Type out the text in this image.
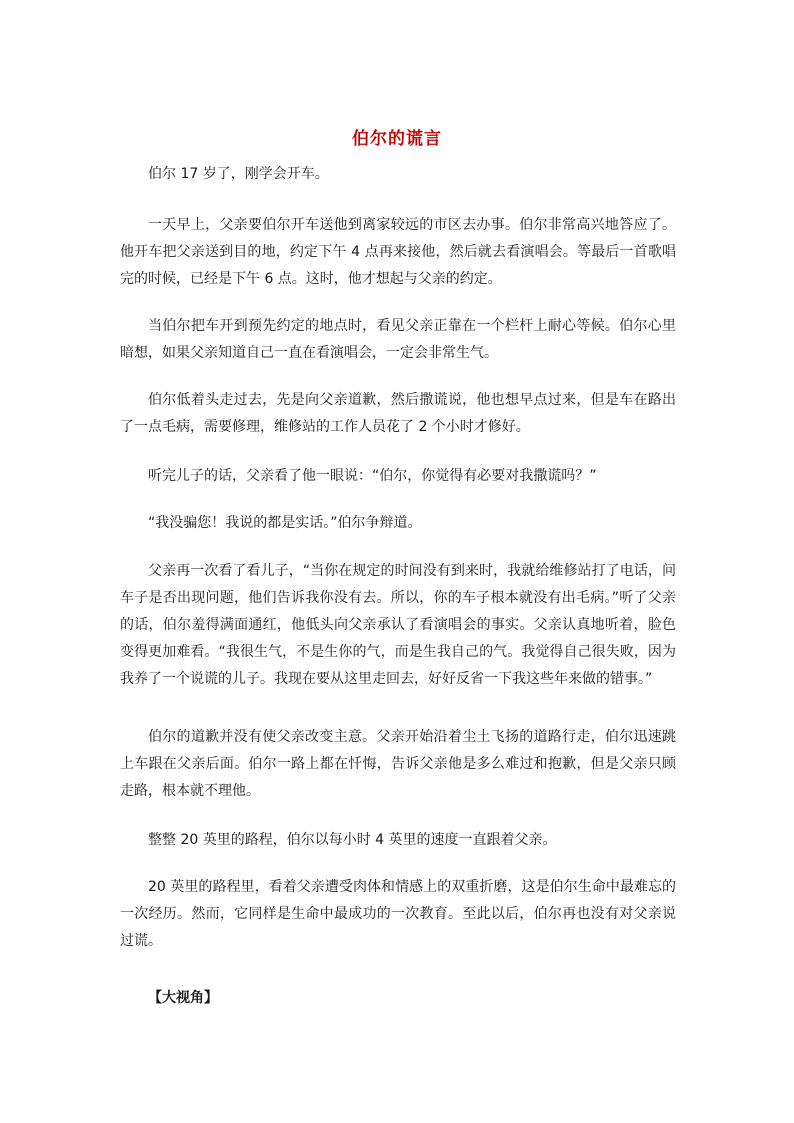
伯尔的谎言

伯尔 17 岁了，刚学会开车。

一天早上，父亲要伯尔开车送他到离家较远的市区去办事。伯尔非常高兴地答应了。他开车把父亲送到目的地，约定下午 4 点再来接他，然后就去看演唱会。等最后一首歌唱完的时候，已经是下午 6 点。这时，他才想起与父亲的约定。

当伯尔把车开到预先约定的地点时，看见父亲正靠在一个栏杆上耐心等候。伯尔心里暗想，如果父亲知道自己一直在看演唱会，一定会非常生气。

伯尔低着头走过去，先是向父亲道歉，然后撒谎说，他也想早点过来，但是车在路出了一点毛病，需要修理，维修站的工作人员花了 2 个小时才修好。

听完儿子的话，父亲看了他一眼说：“伯尔，你觉得有必要对我撒谎吗？”

“我没骗您！我说的都是实话。”伯尔争辩道。

父亲再一次看了看儿子，“当你在规定的时间没有到来时，我就给维修站打了电话，问车子是否出现问题，他们告诉我你没有去。所以，你的车子根本就没有出毛病。”听了父亲的话，伯尔羞得满面通红，他低头向父亲承认了看演唱会的事实。父亲认真地听着，脸色变得更加难看。“我很生气，不是生你的气，而是生我自己的气。我觉得自己很失败，因为我养了一个说谎的儿子。我现在要从这里走回去，好好反省一下我这些年来做的错事。”

伯尔的道歉并没有使父亲改变主意。父亲开始沿着尘土飞扬的道路行走，伯尔迅速跳上车跟在父亲后面。伯尔一路上都在忏悔，告诉父亲他是多么难过和抱歉，但是父亲只顾走路，根本就不理他。

整整 20 英里的路程，伯尔以每小时 4 英里的速度一直跟着父亲。

20 英里的路程里，看着父亲遭受肉体和情感上的双重折磨，这是伯尔生命中最难忘的一次经历。然而，它同样是生命中最成功的一次教育。至此以后，伯尔再也没有对父亲说过谎。

【大视角】
